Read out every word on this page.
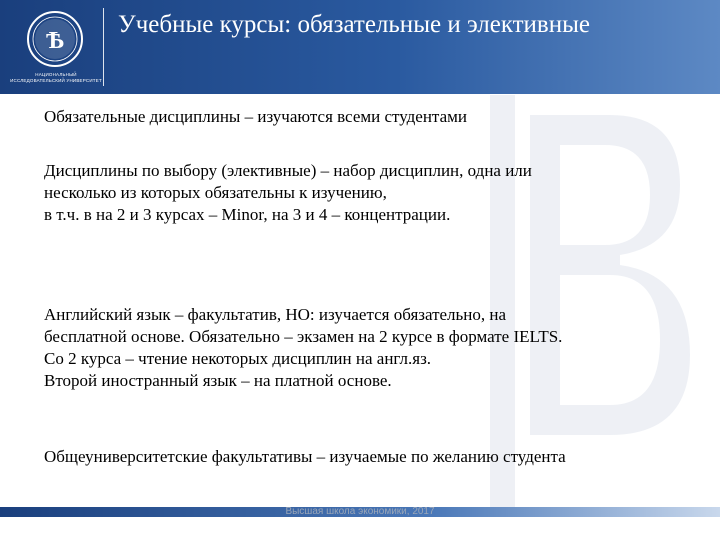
Ѣ
НАЦИОНАЛЬНЫЙ ИССЛЕДОВАТЕЛЬСКИЙ УНИВЕРСИТЕТ
Учебные курсы: обязательные и элективные
Обязательные дисциплины – изучаются всеми студентами
Дисциплины по выбору (элективные) – набор дисциплин, одна или
несколько из которых обязательны к изучению,
в т.ч. в на 2 и 3 курсах – Minor, на 3 и 4 – концентрации.
Английский язык – факультатив, НО: изучается обязательно, на
бесплатной основе. Обязательно – экзамен на 2 курсе в формате IELTS.
Со 2 курса – чтение некоторых дисциплин на англ.яз.
Второй иностранный язык – на платной основе.
Общеуниверситетские факультативы – изучаемые по желанию студента
Высшая школа экономики, 2017
